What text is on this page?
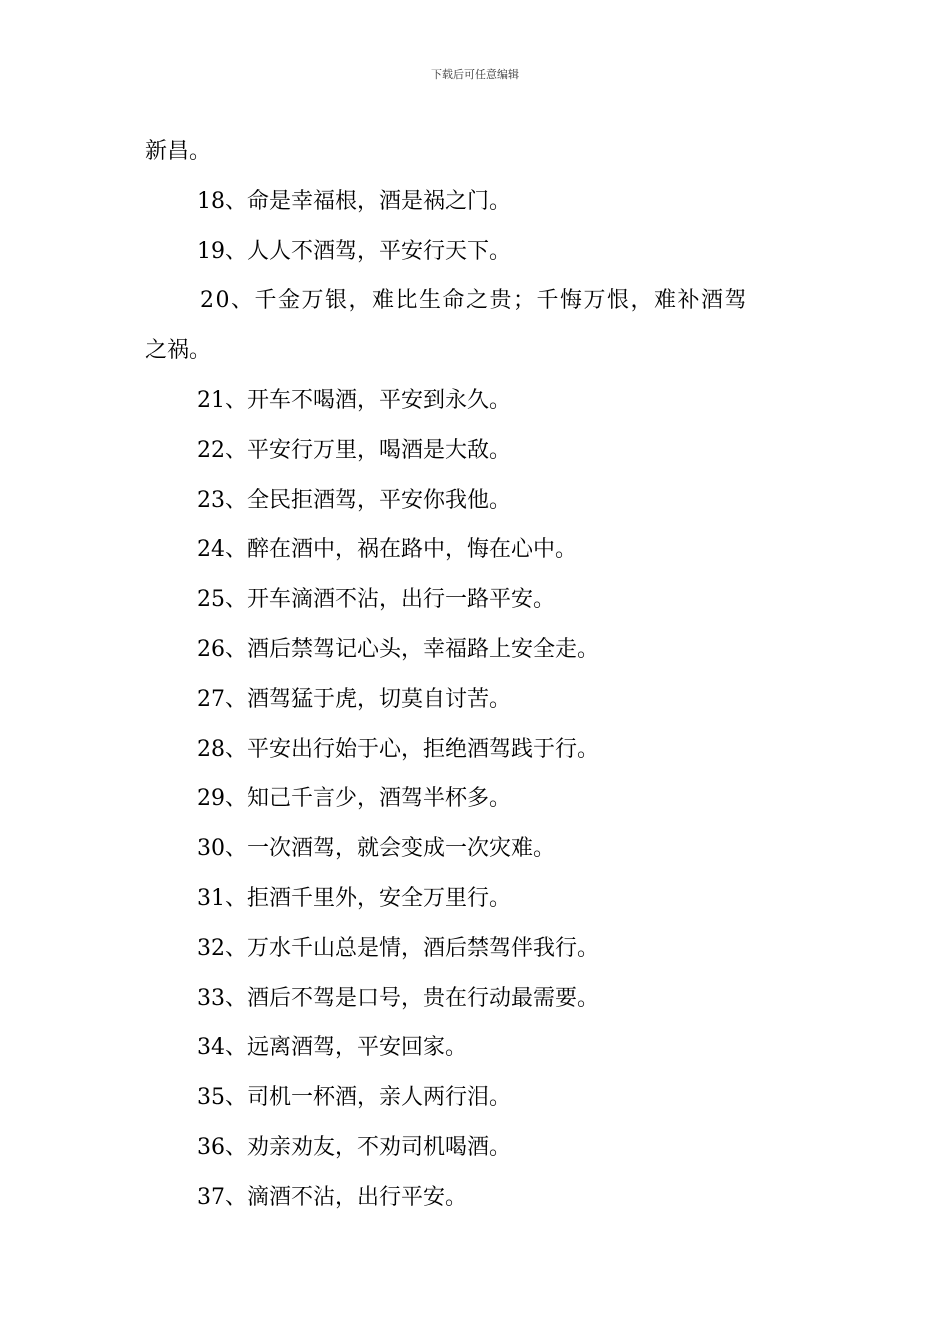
下载后可任意编辑
新昌。
18、命是幸福根，酒是祸之门。
19、人人不酒驾，平安行天下。
20、千金万银，难比生命之贵；千悔万恨，难补酒驾
之祸。
21、开车不喝酒，平安到永久。
22、平安行万里，喝酒是大敌。
23、全民拒酒驾，平安你我他。
24、醉在酒中，祸在路中，悔在心中。
25、开车滴酒不沾，出行一路平安。
26、酒后禁驾记心头，幸福路上安全走。
27、酒驾猛于虎，切莫自讨苦。
28、平安出行始于心，拒绝酒驾践于行。
29、知己千言少，酒驾半杯多。
30、一次酒驾，就会变成一次灾难。
31、拒酒千里外，安全万里行。
32、万水千山总是情，酒后禁驾伴我行。
33、酒后不驾是口号，贵在行动最需要。
34、远离酒驾，平安回家。
35、司机一杯酒，亲人两行泪。
36、劝亲劝友，不劝司机喝酒。
37、滴酒不沾，出行平安。
